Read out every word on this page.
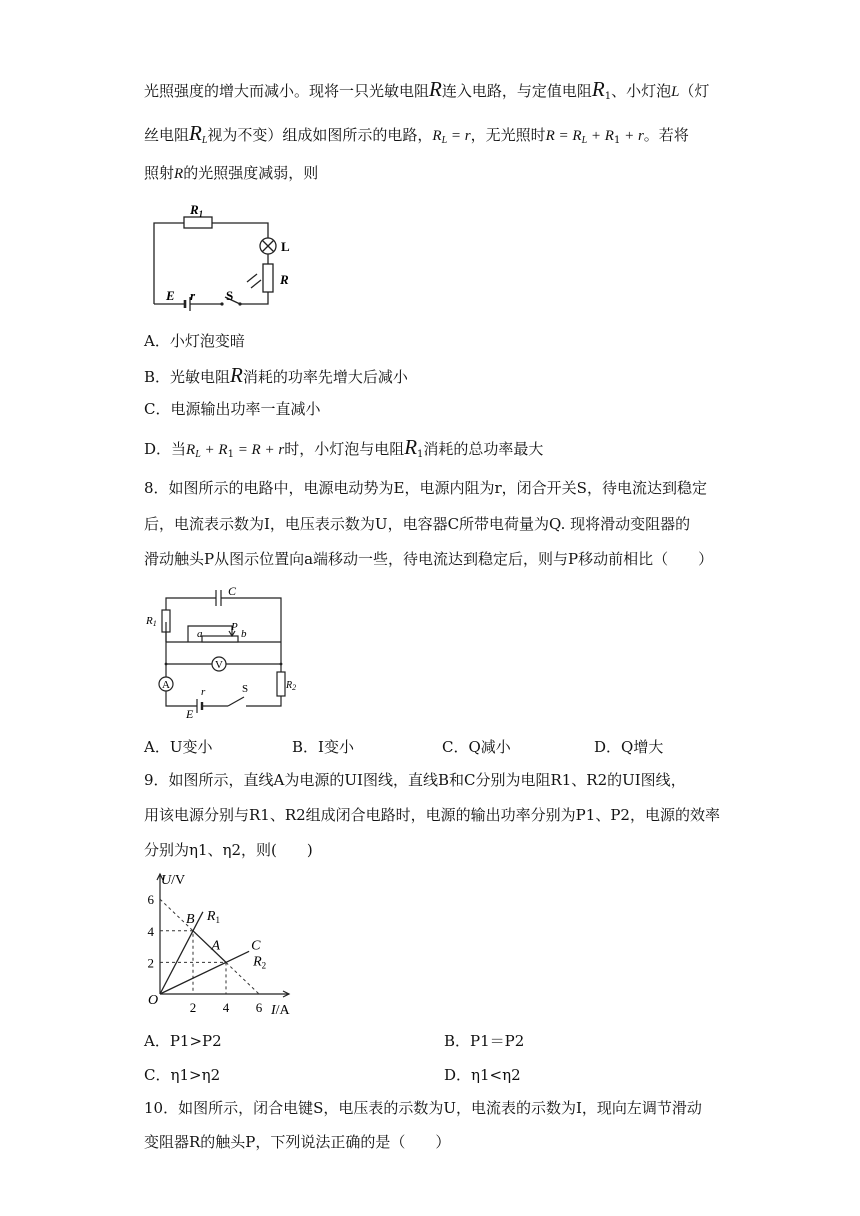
光照强度的增大而减小。现将一只光敏电阻R连入电路，与定值电阻$R_1$、小灯泡L（灯
丝电阻$R_L$视为不变）组成如图所示的电路，$R_L = r$，无光照时$R = R_L + R_1 + r$。若将
照射R的光照强度减弱，则
$R_1$
L
R
E r S
A．小灯泡变暗
B．光敏电阻R消耗的功率先增大后减小
C．电源输出功率一直减小
D．当$R_L + R_1 = R + r$时，小灯泡与电阻$R_1$消耗的总功率最大
8．如图所示的电路中，电源电动势为E，电源内阻为r，闭合开关S，待电流达到稳定
后，电流表示数为I，电压表示数为U，电容器C所带电荷量为Q. 现将滑动变阻器的
滑动触头P从图示位置向a端移动一些，待电流达到稳定后，则与P移动前相比（　　）
C
R1
a
P
b
V
A	$R_2$
r	S
E
A．U变小	B．I变小	C．Q减小	D．Q增大
9．如图所示，直线A为电源的UI图线，直线B和C分别为电阻R1、R2的UI图线，
用该电源分别与R1、R2组成闭合电路时，电源的输出功率分别为P1、P2，电源的效率
分别为η1、η2，则(　　)
U/V
I/A
O 2 4 6
2
4
6
B
A C
$R_1$
$R_2$
A．P1>P2	B．P1＝P2
C．η1>η2	D．η1<η2
10．如图所示，闭合电键S，电压表的示数为U，电流表的示数为I，现向左调节滑动
变阻器R的触头P，下列说法正确的是（　　）
